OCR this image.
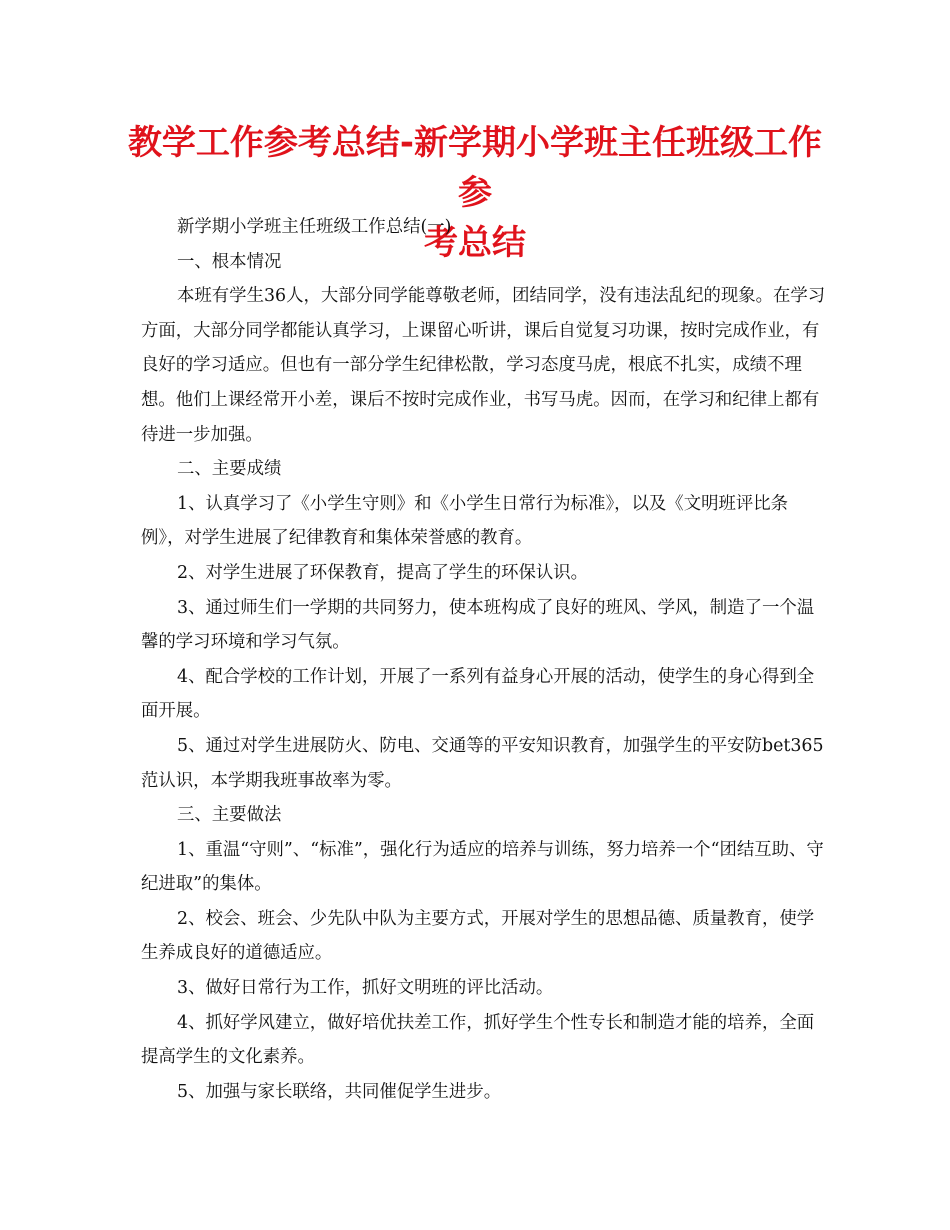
教学工作参考总结-新学期小学班主任班级工作参
考总结

新学期小学班主任班级工作总结(一)

一、根本情况

本班有学生36人，大部分同学能尊敬老师，团结同学，没有违法乱纪的现象。在学习方面，大部分同学都能认真学习，上课留心听讲，课后自觉复习功课，按时完成作业，有良好的学习适应。但也有一部分学生纪律松散，学习态度马虎，根底不扎实，成绩不理想。他们上课经常开小差，课后不按时完成作业，书写马虎。因而，在学习和纪律上都有待进一步加强。

二、主要成绩

1、认真学习了《小学生守则》和《小学生日常行为标准》，以及《文明班评比条例》，对学生进展了纪律教育和集体荣誉感的教育。

2、对学生进展了环保教育，提高了学生的环保认识。

3、通过师生们一学期的共同努力，使本班构成了良好的班风、学风，制造了一个温馨的学习环境和学习气氛。

4、配合学校的工作计划，开展了一系列有益身心开展的活动，使学生的身心得到全面开展。

5、通过对学生进展防火、防电、交通等的平安知识教育，加强学生的平安防bet365范认识，本学期我班事故率为零。

三、主要做法

1、重温“守则”、“标准”，强化行为适应的培养与训练，努力培养一个“团结互助、守纪进取”的集体。

2、校会、班会、少先队中队为主要方式，开展对学生的思想品德、质量教育，使学生养成良好的道德适应。

3、做好日常行为工作，抓好文明班的评比活动。

4、抓好学风建立，做好培优扶差工作，抓好学生个性专长和制造才能的培养，全面提高学生的文化素养。

5、加强与家长联络，共同催促学生进步。
